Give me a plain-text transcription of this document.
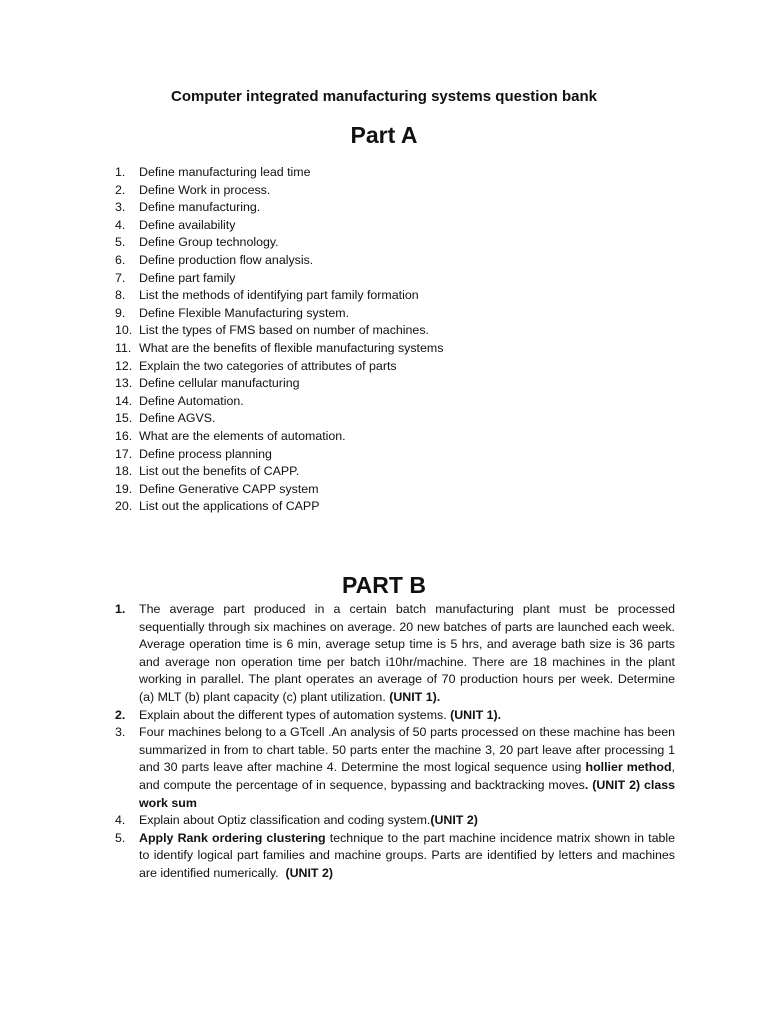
Computer integrated manufacturing systems question bank
Part A
1.	Define manufacturing lead time
2.	Define Work in process.
3.	Define manufacturing.
4.	Define availability
5.	Define Group technology.
6.	Define production flow analysis.
7.	Define part family
8.	List the methods of identifying part family formation
9.	Define Flexible Manufacturing system.
10. List the types of FMS based on number of machines.
11. What are the benefits of flexible manufacturing systems
12. Explain the two categories of attributes of parts
13. Define cellular manufacturing
14. Define Automation.
15. Define AGVS.
16. What are the elements of automation.
17. Define process planning
18. List out the benefits of CAPP.
19. Define Generative CAPP system
20. List out the applications of CAPP
PART B
1.	The average part produced in a certain batch manufacturing plant must be processed sequentially through six machines on average. 20 new batches of parts are launched each week. Average operation time is 6 min, average setup time is 5 hrs, and average bath size is 36 parts and average non operation time per batch i10hr/machine. There are 18 machines in the plant working in parallel. The plant operates an average of 70 production hours per week. Determine (a) MLT (b) plant capacity (c) plant utilization. (UNIT 1).
2.	Explain about the different types of automation systems. (UNIT 1).
3.	Four machines belong to a GTcell .An analysis of 50 parts processed on these machine has been summarized in from to chart table. 50 parts enter the machine 3, 20 part leave after processing 1 and 30 parts leave after machine 4. Determine the most logical sequence using hollier method, and compute the percentage of in sequence, bypassing and backtracking moves. (UNIT 2) class work sum
4.	Explain about Optiz classification and coding system.(UNIT 2)
5.	Apply Rank ordering clustering technique to the part machine incidence matrix shown in table to identify logical part families and machine groups. Parts are identified by letters and machines are identified numerically. (UNIT 2)
